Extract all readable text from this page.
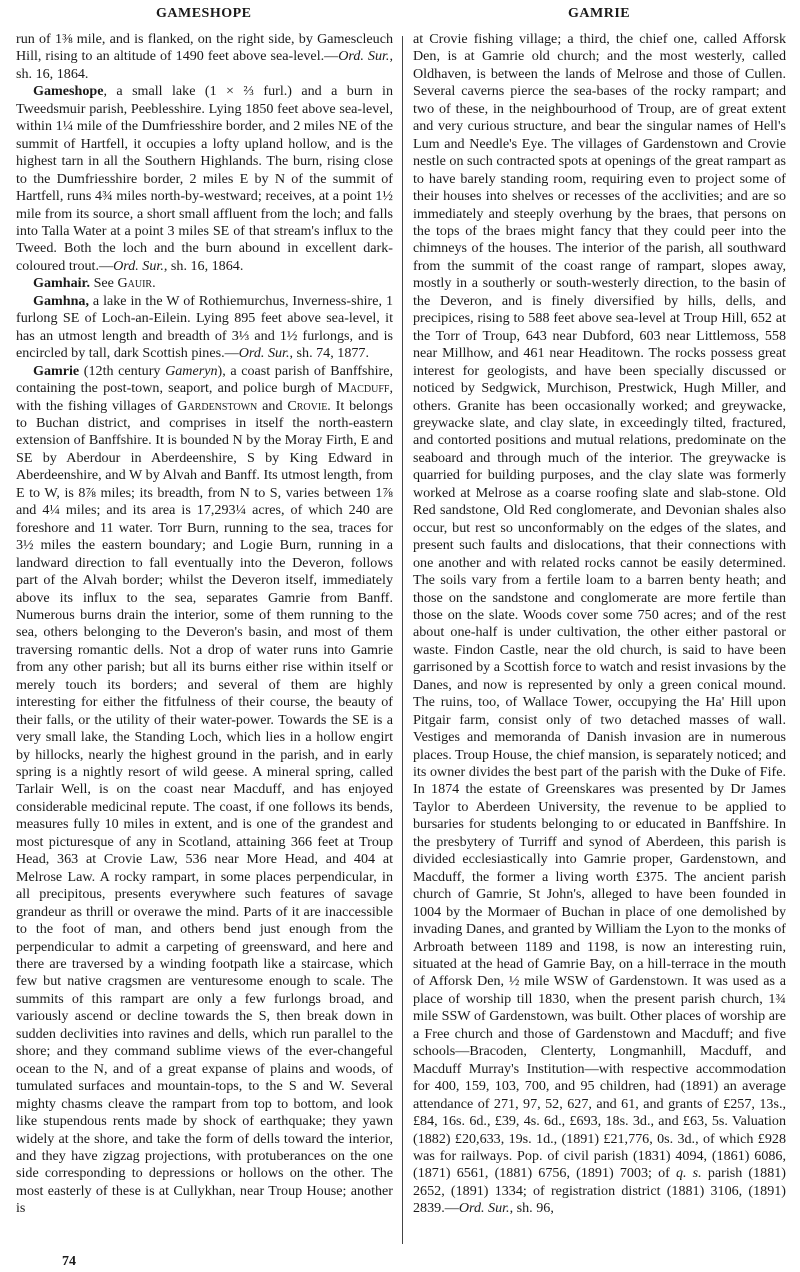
GAMESHOPE	GAMRIE

run of 1⅜ mile, and is flanked, on the right side, by Gamescleuch Hill, rising to an altitude of 1490 feet above sea-level.—Ord. Sur., sh. 16, 1864.

Gameshope, a small lake (1 × ⅔ furl.) and a burn in Tweedsmuir parish, Peeblesshire. Lying 1850 feet above sea-level, within 1¼ mile of the Dumfriesshire border, and 2 miles NE of the summit of Hartfell, it occupies a lofty upland hollow, and is the highest tarn in all the Southern Highlands. The burn, rising close to the Dumfriesshire border, 2 miles E by N of the summit of Hartfell, runs 4¾ miles north-by-westward; receives, at a point 1½ mile from its source, a short small affluent from the loch; and falls into Talla Water at a point 3 miles SE of that stream's influx to the Tweed. Both the loch and the burn abound in excellent dark-coloured trout.—Ord. Sur., sh. 16, 1864.

Gamhair. See Gauir.

Gamhna, a lake in the W of Rothiemurchus, Inverness-shire, 1 furlong SE of Loch-an-Eilein. Lying 895 feet above sea-level, it has an utmost length and breadth of 3⅓ and 1½ furlongs, and is encircled by tall, dark Scottish pines.—Ord. Sur., sh. 74, 1877.

Gamrie (12th century Gameryn), a coast parish of Banffshire, containing the post-town, seaport, and police burgh of Macduff, with the fishing villages of Gardenstown and Crovie. It belongs to Buchan district, and comprises in itself the north-eastern extension of Banffshire. It is bounded N by the Moray Firth, E and SE by Aberdour in Aberdeenshire, S by King Edward in Aberdeenshire, and W by Alvah and Banff. Its utmost length, from E to W, is 8⅞ miles; its breadth, from N to S, varies between 1⅞ and 4¼ miles; and its area is 17,293¼ acres, of which 240 are foreshore and 11 water. Torr Burn, running to the sea, traces for 3½ miles the eastern boundary; and Logie Burn, running in a landward direction to fall eventually into the Deveron, follows part of the Alvah border; whilst the Deveron itself, immediately above its influx to the sea, separates Gamrie from Banff. Numerous burns drain the interior, some of them running to the sea, others belonging to the Deveron's basin, and most of them traversing romantic dells. Not a drop of water runs into Gamrie from any other parish; but all its burns either rise within itself or merely touch its borders; and several of them are highly interesting for either the fitfulness of their course, the beauty of their falls, or the utility of their water-power. Towards the SE is a very small lake, the Standing Loch, which lies in a hollow engirt by hillocks, nearly the highest ground in the parish, and in early spring is a nightly resort of wild geese. A mineral spring, called Tarlair Well, is on the coast near Macduff, and has enjoyed considerable medicinal repute. The coast, if one follows its bends, measures fully 10 miles in extent, and is one of the grandest and most picturesque of any in Scotland, attaining 366 feet at Troup Head, 363 at Crovie Law, 536 near More Head, and 404 at Melrose Law. A rocky rampart, in some places perpendicular, in all precipitous, presents everywhere such features of savage grandeur as thrill or overawe the mind. Parts of it are inaccessible to the foot of man, and others bend just enough from the perpendicular to admit a carpeting of greensward, and here and there are traversed by a winding footpath like a staircase, which few but native cragsmen are venturesome enough to scale. The summits of this rampart are only a few furlongs broad, and variously ascend or decline towards the S, then break down in sudden declivities into ravines and dells, which run parallel to the shore; and they command sublime views of the ever-changeful ocean to the N, and of a great expanse of plains and woods, of tumulated surfaces and mountain-tops, to the S and W. Several mighty chasms cleave the rampart from top to bottom, and look like stupendous rents made by shock of earthquake; they yawn widely at the shore, and take the form of dells toward the interior, and they have zigzag projections, with protuberances on the one side corresponding to depressions or hollows on the other. The most easterly of these is at Cullykhan, near Troup House; another is

at Crovie fishing village; a third, the chief one, called Afforsk Den, is at Gamrie old church; and the most westerly, called Oldhaven, is between the lands of Melrose and those of Cullen. Several caverns pierce the sea-bases of the rocky rampart; and two of these, in the neighbourhood of Troup, are of great extent and very curious structure, and bear the singular names of Hell's Lum and Needle's Eye. The villages of Gardenstown and Crovie nestle on such contracted spots at openings of the great rampart as to have barely standing room, requiring even to project some of their houses into shelves or recesses of the acclivities; and are so immediately and steeply overhung by the braes, that persons on the tops of the braes might fancy that they could peer into the chimneys of the houses. The interior of the parish, all southward from the summit of the coast range of rampart, slopes away, mostly in a southerly or south-westerly direction, to the basin of the Deveron, and is finely diversified by hills, dells, and precipices, rising to 588 feet above sea-level at Troup Hill, 652 at the Torr of Troup, 643 near Dubford, 603 near Littlemoss, 558 near Millhow, and 461 near Headitown. The rocks possess great interest for geologists, and have been specially discussed or noticed by Sedgwick, Murchison, Prestwick, Hugh Miller, and others. Granite has been occasionally worked; and greywacke, greywacke slate, and clay slate, in exceedingly tilted, fractured, and contorted positions and mutual relations, predominate on the seaboard and through much of the interior. The greywacke is quarried for building purposes, and the clay slate was formerly worked at Melrose as a coarse roofing slate and slab-stone. Old Red sandstone, Old Red conglomerate, and Devonian shales also occur, but rest so unconformably on the edges of the slates, and present such faults and dislocations, that their connections with one another and with related rocks cannot be easily determined. The soils vary from a fertile loam to a barren benty heath; and those on the sandstone and conglomerate are more fertile than those on the slate. Woods cover some 750 acres; and of the rest about one-half is under cultivation, the other either pastoral or waste. Findon Castle, near the old church, is said to have been garrisoned by a Scottish force to watch and resist invasions by the Danes, and now is represented by only a green conical mound. The ruins, too, of Wallace Tower, occupying the Ha' Hill upon Pitgair farm, consist only of two detached masses of wall. Vestiges and memoranda of Danish invasion are in numerous places. Troup House, the chief mansion, is separately noticed; and its owner divides the best part of the parish with the Duke of Fife. In 1874 the estate of Greenskares was presented by Dr James Taylor to Aberdeen University, the revenue to be applied to bursaries for students belonging to or educated in Banffshire. In the presbytery of Turriff and synod of Aberdeen, this parish is divided ecclesiastically into Gamrie proper, Gardenstown, and Macduff, the former a living worth £375. The ancient parish church of Gamrie, St John's, alleged to have been founded in 1004 by the Mormaer of Buchan in place of one demolished by invading Danes, and granted by William the Lyon to the monks of Arbroath between 1189 and 1198, is now an interesting ruin, situated at the head of Gamrie Bay, on a hill-terrace in the mouth of Afforsk Den, ½ mile WSW of Gardenstown. It was used as a place of worship till 1830, when the present parish church, 1¾ mile SSW of Gardenstown, was built. Other places of worship are a Free church and those of Gardenstown and Macduff; and five schools—Bracoden, Clenterty, Longmanhill, Macduff, and Macduff Murray's Institution—with respective accommodation for 400, 159, 103, 700, and 95 children, had (1891) an average attendance of 271, 97, 52, 627, and 61, and grants of £257, 13s., £84, 16s. 6d., £39, 4s. 6d., £693, 18s. 3d., and £63, 5s. Valuation (1882) £20,633, 19s. 1d., (1891) £21,776, 0s. 3d., of which £928 was for railways. Pop. of civil parish (1831) 4094, (1861) 6086, (1871) 6561, (1881) 6756, (1891) 7003; of q. s. parish (1881) 2652, (1891) 1334; of registration district (1881) 3106, (1891) 2839.—Ord. Sur., sh. 96,

74
